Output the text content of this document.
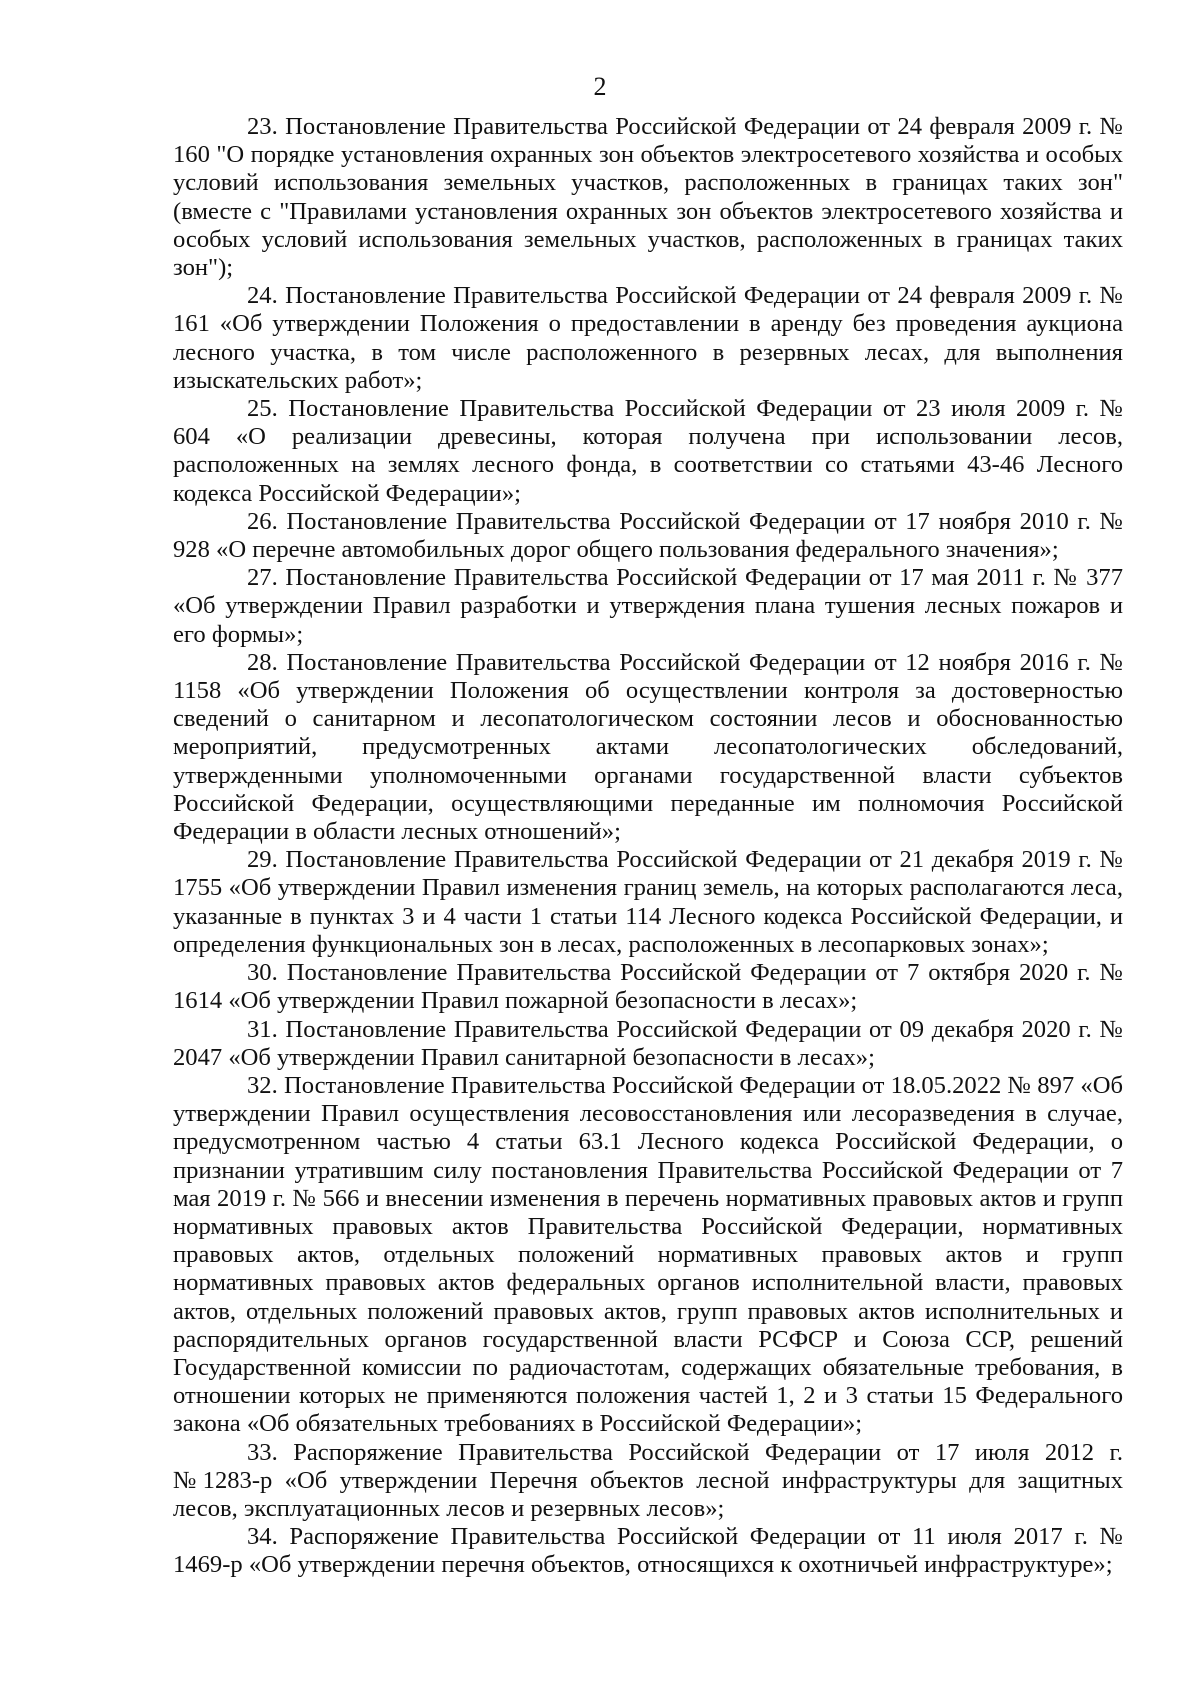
2

23. Постановление Правительства Российской Федерации от 24 февраля 2009 г. № 160 "О порядке установления охранных зон объектов электросетевого хозяйства и особых условий использования земельных участков, расположенных в границах таких зон" (вместе с "Правилами установления охранных зон объектов электросетевого хозяйства и особых условий использования земельных участков, расположенных в границах таких зон");

24. Постановление Правительства Российской Федерации от 24 февраля 2009 г. № 161 «Об утверждении Положения о предоставлении в аренду без проведения аукциона лесного участка, в том числе расположенного в резервных лесах, для выполнения изыскательских работ»;

25. Постановление Правительства Российской Федерации от 23 июля 2009 г. № 604 «О реализации древесины, которая получена при использовании лесов, расположенных на землях лесного фонда, в соответствии со статьями 43-46 Лесного кодекса Российской Федерации»;

26. Постановление Правительства Российской Федерации от 17 ноября 2010 г. № 928 «О перечне автомобильных дорог общего пользования федерального значения»;

27. Постановление Правительства Российской Федерации от 17 мая 2011 г. № 377 «Об утверждении Правил разработки и утверждения плана тушения лесных пожаров и его формы»;

28. Постановление Правительства Российской Федерации от 12 ноября 2016 г. № 1158 «Об утверждении Положения об осуществлении контроля за достоверностью сведений о санитарном и лесопатологическом состоянии лесов и обоснованностью мероприятий, предусмотренных актами лесопатологических обследований, утвержденными уполномоченными органами государственной власти субъектов Российской Федерации, осуществляющими переданные им полномочия Российской Федерации в области лесных отношений»;

29. Постановление Правительства Российской Федерации от 21 декабря 2019 г. № 1755 «Об утверждении Правил изменения границ земель, на которых располагаются леса, указанные в пунктах 3 и 4 части 1 статьи 114 Лесного кодекса Российской Федерации, и определения функциональных зон в лесах, расположенных в лесопарковых зонах»;

30. Постановление Правительства Российской Федерации от 7 октября 2020 г. № 1614 «Об утверждении Правил пожарной безопасности в лесах»;

31. Постановление Правительства Российской Федерации от 09 декабря 2020 г. № 2047 «Об утверждении Правил санитарной безопасности в лесах»;

32. Постановление Правительства Российской Федерации от 18.05.2022 № 897 «Об утверждении Правил осуществления лесовосстановления или лесоразведения в случае, предусмотренном частью 4 статьи 63.1 Лесного кодекса Российской Федерации, о признании утратившим силу постановления Правительства Российской Федерации от 7 мая 2019 г. № 566 и внесении изменения в перечень нормативных правовых актов и групп нормативных правовых актов Правительства Российской Федерации, нормативных правовых актов, отдельных положений нормативных правовых актов и групп нормативных правовых актов федеральных органов исполнительной власти, правовых актов, отдельных положений правовых актов, групп правовых актов исполнительных и распорядительных органов государственной власти РСФСР и Союза ССР, решений Государственной комиссии по радиочастотам, содержащих обязательные требования, в отношении которых не применяются положения частей 1, 2 и 3 статьи 15 Федерального закона «Об обязательных требованиях в Российской Федерации»;

33. Распоряжение Правительства Российской Федерации от 17 июля 2012 г. №1283-р «Об утверждении Перечня объектов лесной инфраструктуры для защитных лесов, эксплуатационных лесов и резервных лесов»;

34. Распоряжение Правительства Российской Федерации от 11 июля 2017 г. № 1469-р «Об утверждении перечня объектов, относящихся к охотничьей инфраструктуре»;
